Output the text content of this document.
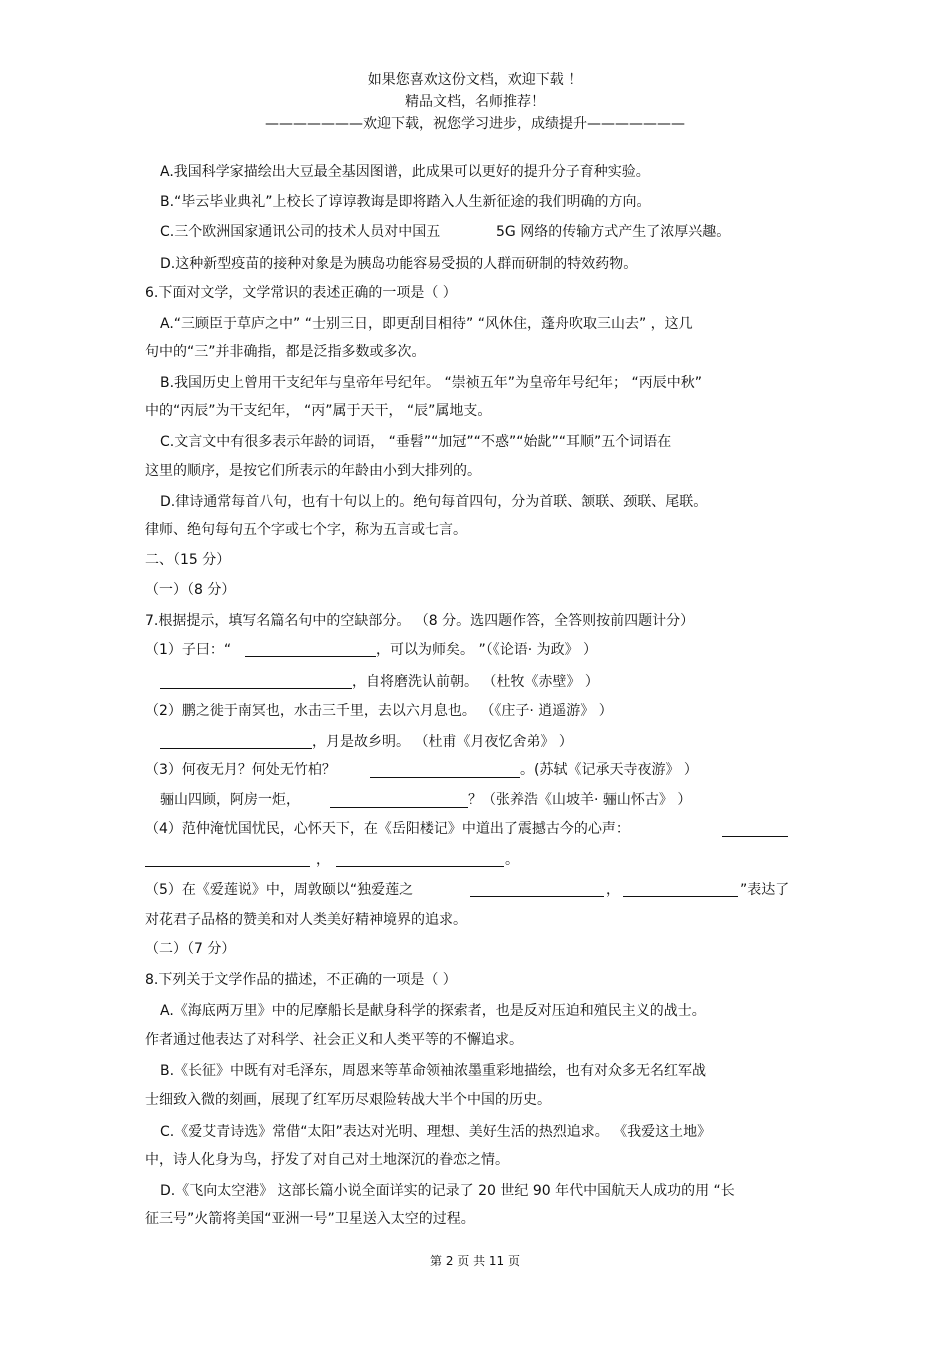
如果您喜欢这份文档，欢迎下载 ！
精品文档，名师推荐！
———————欢迎下载，祝您学习进步，成绩提升———————
A.我国科学家描绘出大豆最全基因图谱，此成果可以更好的提升分子育种实验。
B.“毕云毕业典礼”上校长了谆谆教诲是即将踏入人生新征途的我们明确的方向。
C.三个欧洲国家通讯公司的技术人员对中国五	5G 网络的传输方式产生了浓厚兴趣。
D.这种新型疫苗的接种对象是为胰岛功能容易受损的人群而研制的特效药物。
6.下面对文学，文学常识的表述正确的一项是（ ）
A.“三顾臣于草庐之中” “士别三日，即更刮目相待” “风休住，蓬舟吹取三山去” ，这几
句中的“三”并非确指，都是泛指多数或多次。
B.我国历史上曾用干支纪年与皇帝年号纪年。 “崇祯五年”为皇帝年号纪年； “丙辰中秋”
中的“丙辰”为干支纪年， “丙”属于天干， “辰”属地支。
C.文言文中有很多表示年龄的词语， “垂髫”“加冠”“不惑”“始龀”“耳顺”五个词语在
这里的顺序，是按它们所表示的年龄由小到大排列的。
D.律诗通常每首八句，也有十句以上的。绝句每首四句，分为首联、颔联、颈联、尾联。
律师、绝句每句五个字或七个字，称为五言或七言。
二、（15 分）
（一）（8 分）
7.根据提示，填写名篇名句中的空缺部分。 （8 分。选四题作答，全答则按前四题计分）
（1）子曰：“	，可以为师矣。 ”（《论语· 为政》 ）
，自将磨洗认前朝。 （杜牧《赤壁》 ）
（2）鹏之徙于南冥也，水击三千里，去以六月息也。 （《庄子· 逍遥游》 ）
，月是故乡明。 （杜甫《月夜忆舍弟》 ）
（3）何夜无月？何处无竹柏？	。(苏轼《记承天寺夜游》 ）
骊山四顾，阿房一炬，	？（张养浩《山坡羊· 骊山怀古》 ）
（4）范仲淹忧国忧民，心怀天下，在《岳阳楼记》中道出了震撼古今的心声：
，	。
（5）在《爱莲说》中，周敦颐以“独爱莲之	，	”表达了
对花君子品格的赞美和对人类美好精神境界的追求。
（二）（7 分）
8.下列关于文学作品的描述，不正确的一项是（ ）
A.《海底两万里》中的尼摩船长是献身科学的探索者，也是反对压迫和殖民主义的战士。
作者通过他表达了对科学、社会正义和人类平等的不懈追求。
B.《长征》中既有对毛泽东，周恩来等革命领袖浓墨重彩地描绘，也有对众多无名红军战
士细致入微的刻画，展现了红军历尽艰险转战大半个中国的历史。
C.《爱艾青诗选》常借“太阳”表达对光明、理想、美好生活的热烈追求。 《我爱这土地》
中，诗人化身为鸟，抒发了对自己对土地深沉的眷恋之情。
D.《飞向太空港》 这部长篇小说全面详实的记录了 20 世纪 90 年代中国航天人成功的用 “长
征三号”火箭将美国“亚洲一号”卫星送入太空的过程。
第 2 页 共 11 页
